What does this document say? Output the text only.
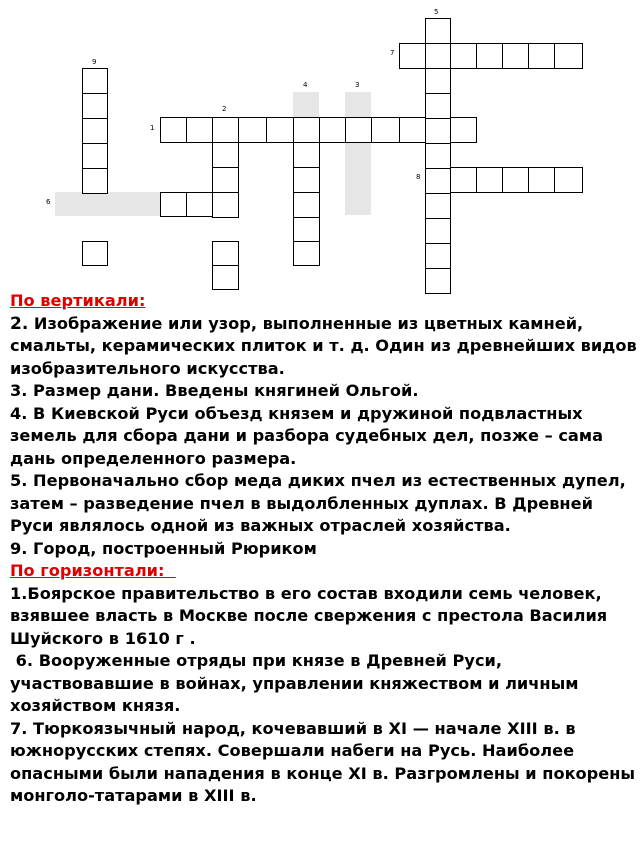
5
7
9
4	3
2
1
8
6

По вертикали:

2. Изображение или узор, выполненные из цветных камней, смальты, керамических плиток и т. д. Один из древнейших видов изобразительного искусства.

3. Размер дани. Введены княгиней Ольгой.

4. В Киевской Руси объезд князем и дружиной подвластных земель для сбора дани и разбора судебных дел, позже – сама дань определенного размера.

5. Первоначально сбор меда диких пчел из естественных дупел, затем – разведение пчел в выдолбленных дуплах. В Древней Руси являлось одной из важных отраслей хозяйства.

9. Город, построенный Рюриком

По горизонтали:

1.Боярское правительство в его состав входили семь человек, взявшее власть в Москве после свержения с престола Василия Шуйского в 1610 г .

6. Вооруженные отряды при князе в Древней Руси, участвовавшие в войнах, управлении княжеством и личным хозяйством князя.

7. Тюркоязычный народ, кочевавший в XI — начале XIII в. в южнорусских степях. Совершали набеги на Русь. Наиболее опасными были нападения в конце XI в. Разгромлены и покорены монголо-татарами в XIII в.
